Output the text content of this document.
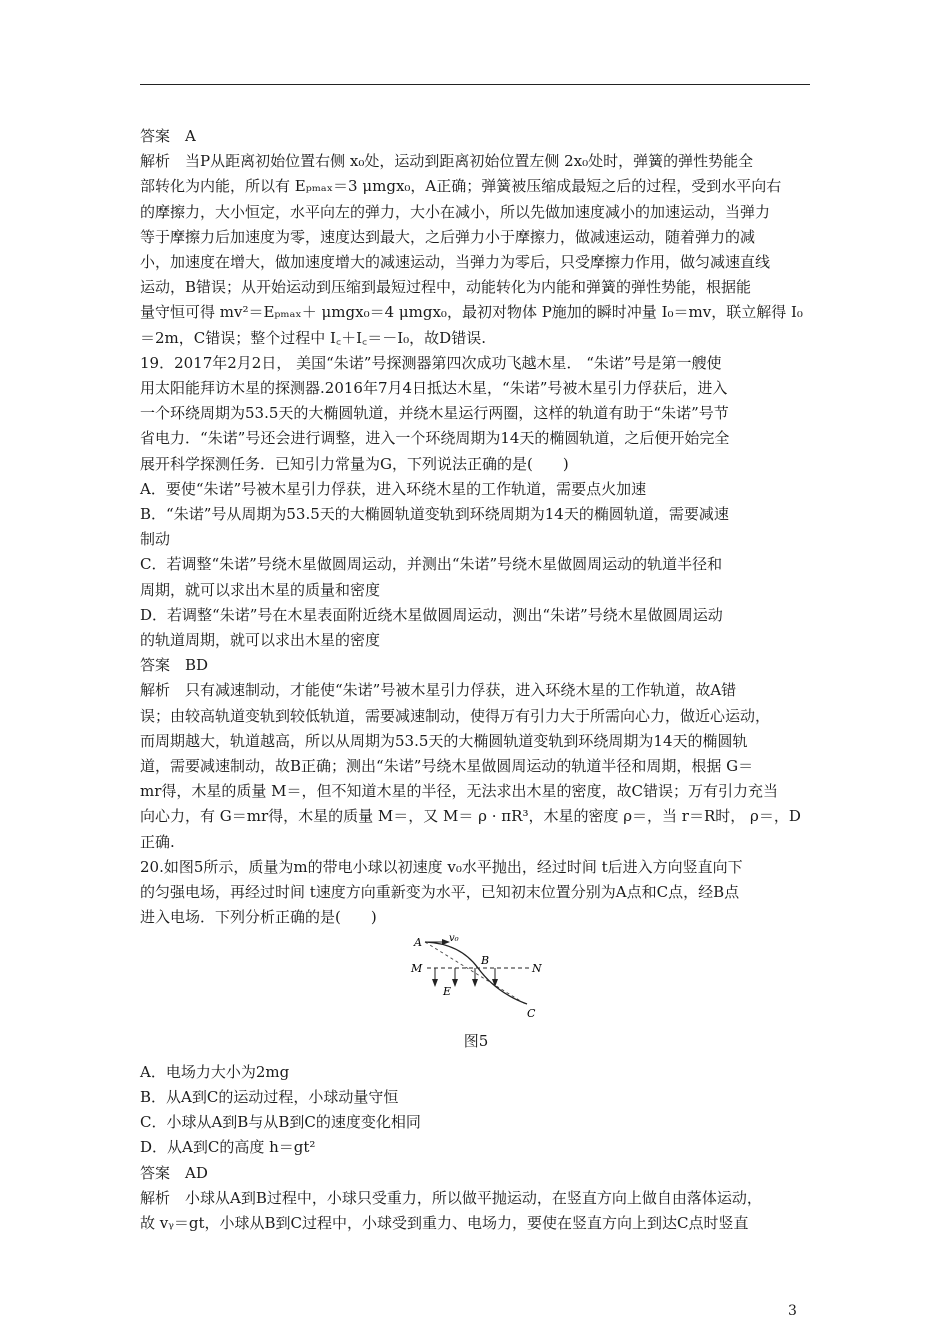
答案　A
解析　当P从距离初始位置右侧 x₀处，运动到距离初始位置左侧 2x₀处时，弹簧的弹性势能全
部转化为内能，所以有 Eₚₘₐₓ＝3 μmgx₀，A正确；弹簧被压缩成最短之后的过程，受到水平向右
的摩擦力，大小恒定，水平向左的弹力，大小在减小，所以先做加速度减小的加速运动，当弹力
等于摩擦力后加速度为零，速度达到最大，之后弹力小于摩擦力，做减速运动，随着弹力的减
小，加速度在增大，做加速度增大的减速运动，当弹力为零后，只受摩擦力作用，做匀减速直线
运动，B错误；从开始运动到压缩到最短过程中，动能转化为内能和弹簧的弹性势能，根据能
量守恒可得 mv²＝Eₚₘₐₓ＋ μmgx₀＝4 μmgx₀，最初对物体 P施加的瞬时冲量 I₀＝mv，联立解得 I₀
＝2m，C错误；整个过程中 I꜀＋I꜀＝－I₀，故D错误.
19．2017年2月2日， 美国“朱诺”号探测器第四次成功飞越木星． “朱诺”号是第一艘使
用太阳能拜访木星的探测器.2016年7月4日抵达木星，“朱诺”号被木星引力俘获后，进入
一个环绕周期为53.5天的大椭圆轨道，并绕木星运行两圈，这样的轨道有助于“朱诺”号节
省电力．“朱诺”号还会进行调整，进入一个环绕周期为14天的椭圆轨道，之后便开始完全
展开科学探测任务．已知引力常量为G，下列说法正确的是(　　)
A．要使“朱诺”号被木星引力俘获，进入环绕木星的工作轨道，需要点火加速
B．“朱诺”号从周期为53.5天的大椭圆轨道变轨到环绕周期为14天的椭圆轨道，需要减速
制动
C．若调整“朱诺”号绕木星做圆周运动，并测出“朱诺”号绕木星做圆周运动的轨道半径和
周期，就可以求出木星的质量和密度
D．若调整“朱诺”号在木星表面附近绕木星做圆周运动，测出“朱诺”号绕木星做圆周运动
的轨道周期，就可以求出木星的密度
答案　BD
解析　只有减速制动，才能使“朱诺”号被木星引力俘获，进入环绕木星的工作轨道，故A错
误；由较高轨道变轨到较低轨道，需要减速制动，使得万有引力大于所需向心力，做近心运动，
而周期越大，轨道越高，所以从周期为53.5天的大椭圆轨道变轨到环绕周期为14天的椭圆轨
道，需要减速制动，故B正确；测出“朱诺”号绕木星做圆周运动的轨道半径和周期，根据 G＝
mr得，木星的质量 M＝，但不知道木星的半径，无法求出木星的密度，故C错误；万有引力充当
向心力，有 G＝mr得，木星的质量 M＝，又 M＝ ρ · πR³，木星的密度 ρ＝，当 r＝R时， ρ＝，D
正确.
20.如图5所示，质量为m的带电小球以初速度 v₀水平抛出，经过时间 t后进入方向竖直向下
的匀强电场，再经过时间 t速度方向重新变为水平，已知初末位置分别为A点和C点，经B点
进入电场．下列分析正确的是(　　)
A	v₀
B
M	N
E
C
图5
A．电场力大小为2mg
B．从A到C的运动过程，小球动量守恒
C．小球从A到B与从B到C的速度变化相同
D．从A到C的高度 h＝gt²
答案　AD
解析　小球从A到B过程中，小球只受重力，所以做平抛运动，在竖直方向上做自由落体运动，
故 vᵧ＝gt，小球从B到C过程中，小球受到重力、电场力，要使在竖直方向上到达C点时竖直
3
